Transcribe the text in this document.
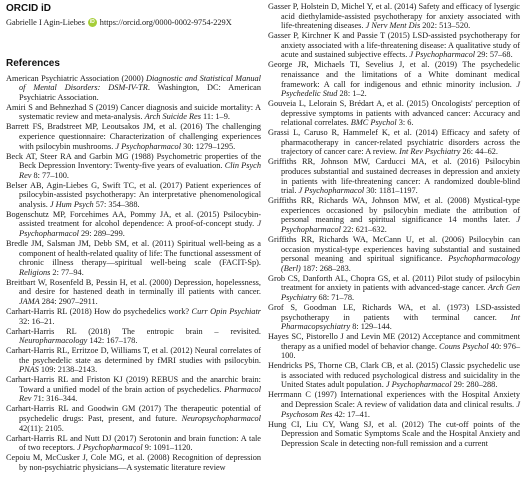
ORCID iD
Gabrielle I Agin-Liebes	iD https://orcid.org/0000-0002-9754-229X
References

American Psychiatric Association (2000) Diagnostic and Statistical Manual of Mental Disorders: DSM-IV-TR. Washington, DC: American Psychiatric Association.

Amiri S and Behnezhad S (2019) Cancer diagnosis and suicide mortality: A systematic review and meta-analysis. Arch Suicide Res 11: 1–9.

Barrett FS, Bradstreet MP, Leoutsakos JM, et al. (2016) The challenging experience questionnaire: Characterization of challenging experiences with psilocybin mushrooms. J Psychopharmacol 30: 1279–1295.

Beck AT, Steer RA and Garbin MG (1988) Psychometric properties of the Beck Depression Inventory: Twenty-five years of evaluation. Clin Psych Rev 8: 77–100.

Belser AB, Agin-Liebes G, Swift TC, et al. (2017) Patient experiences of psilocybin-assisted psychotherapy: An interpretative phenomenological analysis. J Hum Psych 57: 354–388.

Bogenschutz MP, Forcehimes AA, Pommy JA, et al. (2015) Psilocybin-assisted treatment for alcohol dependence: A proof-of-concept study. J Psychopharmacol 29: 289–299.

Bredle JM, Salsman JM, Debb SM, et al. (2011) Spiritual well-being as a component of health-related quality of life: The functional assessment of chronic illness therapy—spiritual well-being scale (FACIT-Sp). Religions 2: 77–94.

Breitbart W, Rosenfeld B, Pessin H, et al. (2000) Depression, hopelessness, and desire for hastened death in terminally ill patients with cancer. JAMA 284: 2907–2911.

Carhart-Harris RL (2018) How do psychedelics work? Curr Opin Psychiatr 32: 16–21.

Carhart-Harris RL (2018) The entropic brain – revisited. Neuropharmacology 142: 167–178.

Carhart-Harris RL, Erritzoe D, Williams T, et al. (2012) Neural correlates of the psychedelic state as determined by fMRI studies with psilocybin. PNAS 109: 2138–2143.

Carhart-Harris RL and Friston KJ (2019) REBUS and the anarchic brain: Toward a unified model of the brain action of psychedelics. Pharmacol Rev 71: 316–344.

Carhart-Harris RL and Goodwin GM (2017) The therapeutic potential of psychedelic drugs: Past, present, and future. Neuropsychopharmacol 42(11): 2105.

Carhart-Harris RL and Nutt DJ (2017) Serotonin and brain function: A tale of two receptors. J Psychopharmacol 9: 1091–1120.

Cepoiu M, McCusker J, Cole MG, et al. (2008) Recognition of depression by non-psychiatric physicians—A systematic literature review

Gasser P, Holstein D, Michel Y, et al. (2014) Safety and efficacy of lysergic acid diethylamide-assisted psychotherapy for anxiety associated with life-threatening diseases. J Nerv Ment Dis 202: 513–520.

Gasser P, Kirchner K and Passie T (2015) LSD-assisted psychotherapy for anxiety associated with a life-threatening disease: A qualitative study of acute and sustained subjective effects. J Psychopharmacol 29: 57–68.

George JR, Michaels TI, Sevelius J, et al. (2019) The psychedelic renaissance and the limitations of a White dominant medical framework: A call for indigenous and ethnic minority inclusion. J Psychedelic Stud 28: 1–2.

Gouveia L, Lelorain S, Brédart A, et al. (2015) Oncologists' perception of depressive symptoms in patients with advanced cancer: Accuracy and relational correlates. BMC Psychol 3: 6.

Grassi L, Caruso R, Hammelef K, et al. (2014) Efficacy and safety of pharmacotherapy in cancer-related psychiatric disorders across the trajectory of cancer care: A review. Int Rev Psychiatry 26: 44–62.

Griffiths RR, Johnson MW, Carducci MA, et al. (2016) Psilocybin produces substantial and sustained decreases in depression and anxiety in patients with life-threatening cancer: A randomized double-blind trial. J Psychopharmacol 30: 1181–1197.

Griffiths RR, Richards WA, Johnson MW, et al. (2008) Mystical-type experiences occasioned by psilocybin mediate the attribution of personal meaning and spiritual significance 14 months later. J Psychopharmacol 22: 621–632.

Griffiths RR, Richards WA, McCann U, et al. (2006) Psilocybin can occasion mystical-type experiences having substantial and sustained personal meaning and spiritual significance. Psychopharmacology (Berl) 187: 268–283.

Grob CS, Danforth AL, Chopra GS, et al. (2011) Pilot study of psilocybin treatment for anxiety in patients with advanced-stage cancer. Arch Gen Psychiatry 68: 71–78.

Grof S, Goodman LE, Richards WA, et al. (1973) LSD-assisted psychotherapy in patients with terminal cancer. Int Pharmacopsychiatry 8: 129–144.

Hayes SC, Pistorello J and Levin ME (2012) Acceptance and commitment therapy as a unified model of behavior change. Couns Psychol 40: 976–100.

Hendricks PS, Thorne CB, Clark CB, et al. (2015) Classic psychedelic use is associated with reduced psychological distress and suicidality in the United States adult population. J Psychopharmacol 29: 280–288.

Herrmann C (1997) International experiences with the Hospital Anxiety and Depression Scale: A review of validation data and clinical results. J Psychosom Res 42: 17–41.

Hung CI, Liu CY, Wang SJ, et al. (2012) The cut-off points of the Depression and Somatic Symptoms Scale and the Hospital Anxiety and Depression Scale in detecting non-full remission and a current
